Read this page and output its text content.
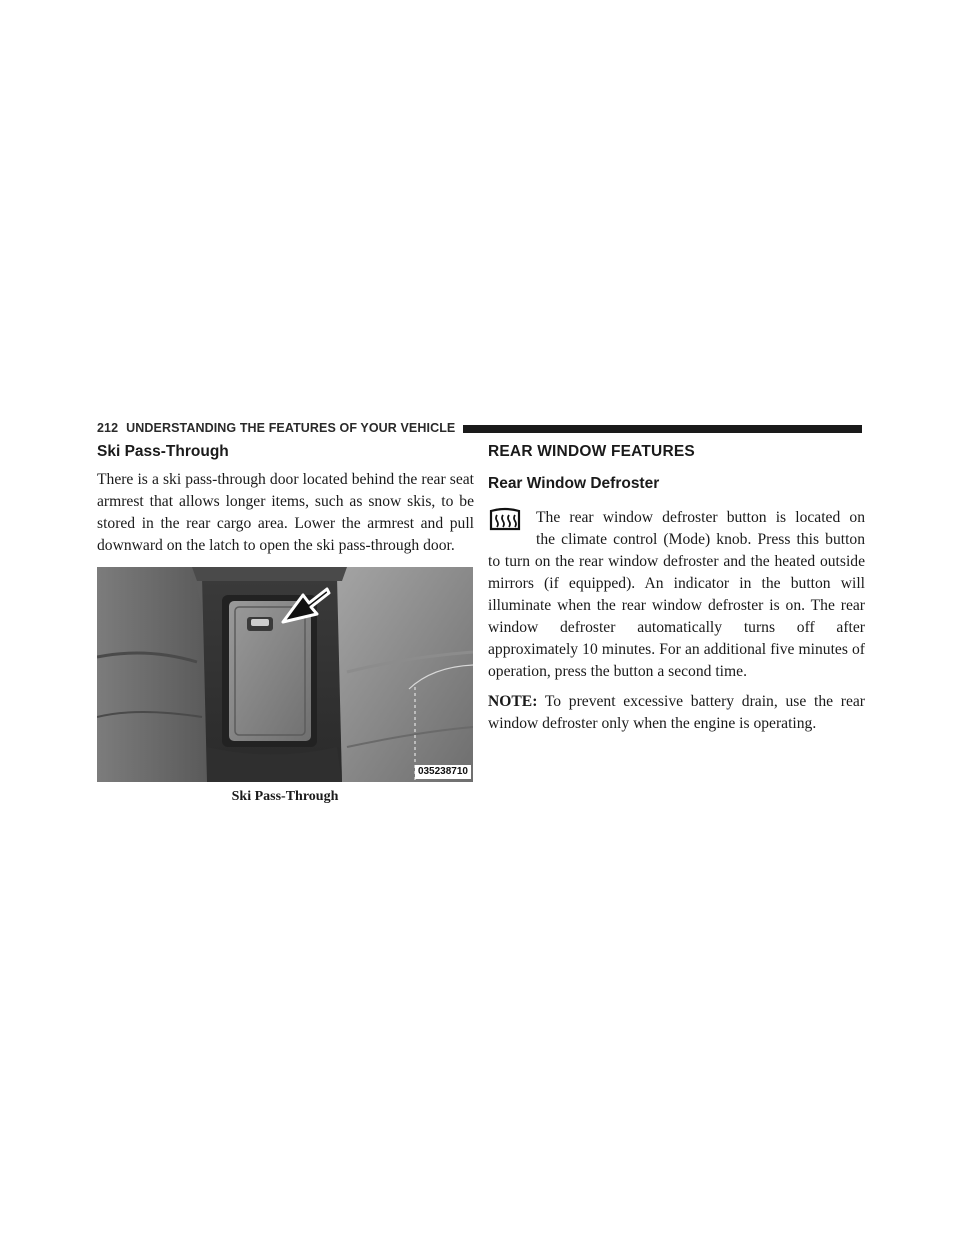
212 UNDERSTANDING THE FEATURES OF YOUR VEHICLE
Ski Pass-Through

There is a ski pass-through door located behind the rear seat armrest that allows longer items, such as snow skis, to be stored in the rear cargo area. Lower the armrest and pull downward on the latch to open the ski pass-through door.

035238710
Ski Pass-Through
REAR WINDOW FEATURES
Rear Window Defroster

The rear window defroster button is located on

the climate control (Mode) knob. Press this button

to turn on the rear window defroster and the heated outside mirrors (if equipped). An indicator in the button will illuminate when the rear window defroster is on. The rear window defroster automatically turns off after approximately 10 minutes. For an additional five minutes of operation, press the button a second time.

NOTE: To prevent excessive battery drain, use the rear window defroster only when the engine is operating.
